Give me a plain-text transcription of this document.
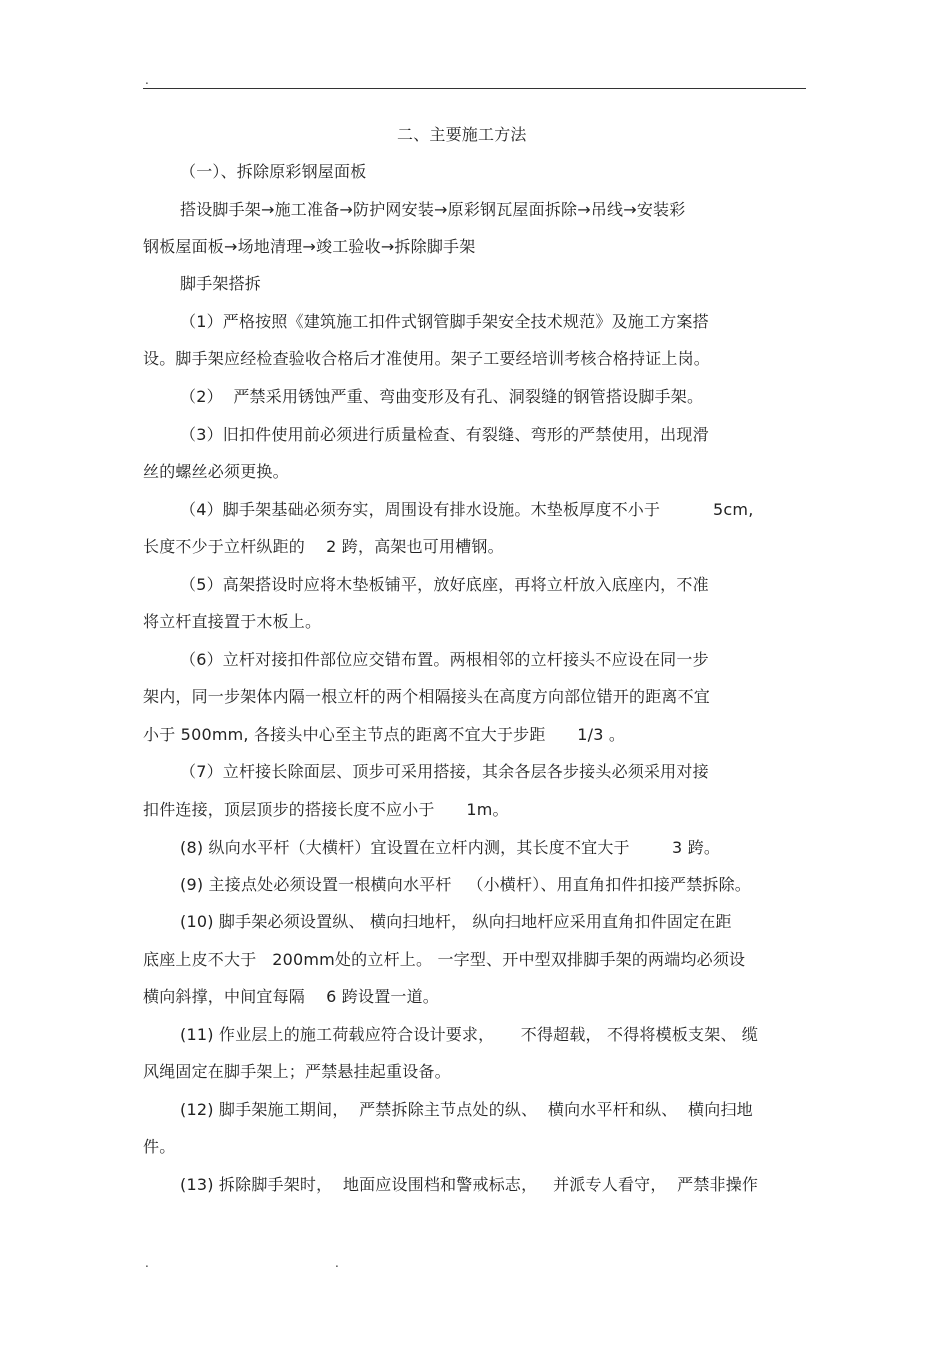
.
二、主要施工方法
（一）、拆除原彩钢屋面板
搭设脚手架→施工准备→防护网安装→原彩钢瓦屋面拆除→吊线→安装彩
钢板屋面板→场地清理→竣工验收→拆除脚手架
脚手架搭拆
（1）严格按照《建筑施工扣件式钢管脚手架安全技术规范》及施工方案搭
设。脚手架应经检查验收合格后才准使用。架子工要经培训考核合格持证上岗。
（2）  严禁采用锈蚀严重、弯曲变形及有孔、洞裂缝的钢管搭设脚手架。
（3）旧扣件使用前必须进行质量检查、有裂缝、弯形的严禁使用，出现滑
丝的螺丝必须更换。
（4）脚手架基础必须夯实，周围设有排水设施。木垫板厚度不小于          5cm,
长度不少于立杆纵距的    2 跨，高架也可用槽钢。
（5）高架搭设时应将木垫板铺平，放好底座，再将立杆放入底座内，不准
将立杆直接置于木板上。
（6）立杆对接扣件部位应交错布置。两根相邻的立杆接头不应设在同一步
架内，同一步架体内隔一根立杆的两个相隔接头在高度方向部位错开的距离不宜
小于 500mm, 各接头中心至主节点的距离不宜大于步距      1/3 。
（7）立杆接长除面层、顶步可采用搭接，其余各层各步接头必须采用对接
扣件连接，顶层顶步的搭接长度不应小于      1m。
(8) 纵向水平杆（大横杆）宜设置在立杆内测，其长度不宜大于        3 跨。
(9) 主接点处必须设置一根横向水平杆   （小横杆）、用直角扣件扣接严禁拆除。
(10) 脚手架必须设置纵、 横向扫地杆， 纵向扫地杆应采用直角扣件固定在距
底座上皮不大于   200mm处的立杆上。 一字型、开中型双排脚手架的两端均必须设
横向斜撑，中间宜每隔    6 跨设置一道。
(11) 作业层上的施工荷载应符合设计要求，     不得超载， 不得将模板支架、 缆
风绳固定在脚手架上；严禁悬挂起重设备。
(12) 脚手架施工期间，  严禁拆除主节点处的纵、  横向水平杆和纵、  横向扫地
件。
(13) 拆除脚手架时，  地面应设围档和警戒标志，   并派专人看守，  严禁非操作
.	.
